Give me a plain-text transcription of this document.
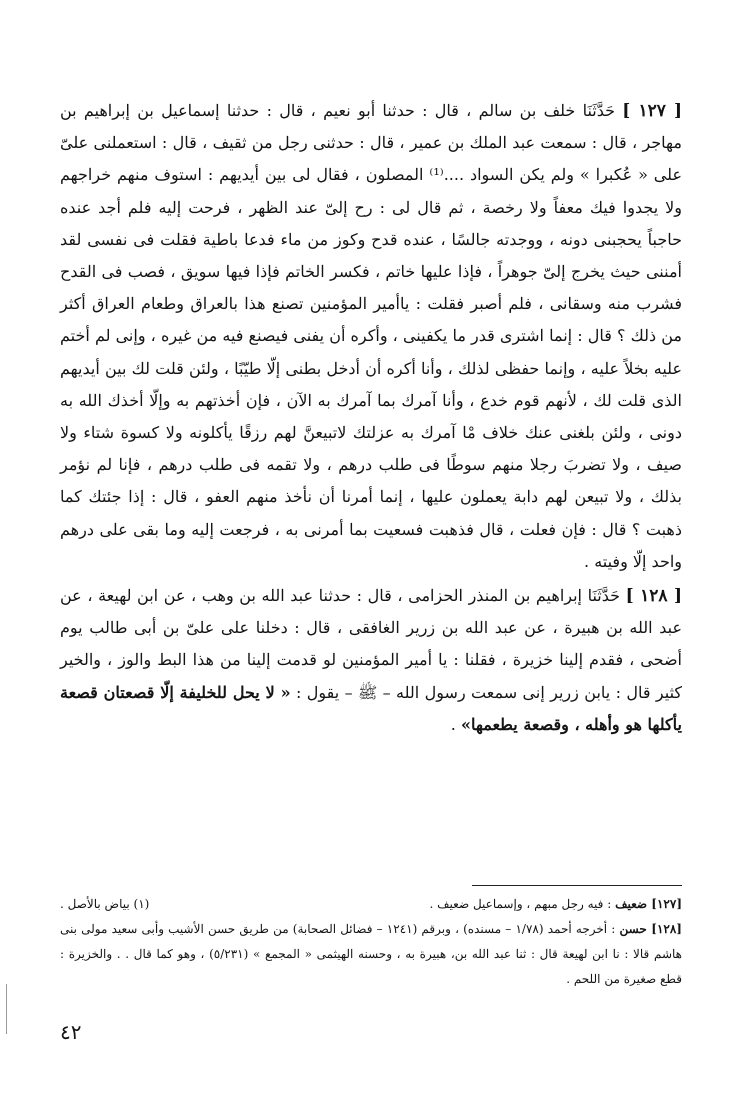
[ ١٢٧ ] حَدَّثَنَا خلف بن سالم ، قال : حدثنا أبو نعيم ، قال : حدثنا إسماعيل بن إبراهيم بن مهاجر ، قال : سمعت عبد الملك بن عمير ، قال : حدثنى رجل من ثقيف ، قال : استعملنى علىّ على « عُكبرا » ولم يكن السواد ....⁽¹⁾ المصلون ، فقال لى بين أيديهم : استوف منهم خراجهم ولا يجدوا فيك معفاً ولا رخصة ، ثم قال لى : رح إلىّ عند الظهر ، فرحت إليه فلم أجد عنده حاجباً يحجبنى دونه ، ووجدته جالسًا ، عنده قدح وكوز من ماء فدعا باطية فقلت فى نفسى لقد أمننى حيث يخرج إلىّ جوهراً ، فإذا عليها خاتم ، فكسر الخاتم فإذا فيها سويق ، فصب فى القدح فشرب منه وسقانى ، فلم أصبر فقلت : ياأمير المؤمنين تصنع هذا بالعراق وطعام العراق أكثر من ذلك ؟ قال : إنما اشترى قدر ما يكفينى ، وأكره أن يفنى فيصنع فيه من غيره ، وإنى لم أختم عليه بخلاً عليه ، وإنما حفظى لذلك ، وأنا أكره أن أدخل بطنى إلّا طيّبًا ، ولئن قلت لك بين أيديهم الذى قلت لك ، لأنهم قوم خدع ، وأنا آمرك بما آمرك به الآن ، فإن أخذتهم به وإلّا أخذك الله به دونى ، ولئن بلغنى عنك خلاف مْا آمرك به عزلتك لاتبيعنَّ لهم رزقًا يأكلونه ولا كسوة شتاء ولا صيف ، ولا تضربَ رجلا منهم سوطًا فى طلب درهم ، ولا تقمه فى طلب درهم ، فإنا لم نؤمر بذلك ، ولا تبيعن لهم دابة يعملون عليها ، إنما أمرنا أن نأخذ منهم العفو ، قال : إذا جئتك كما ذهبت ؟ قال : فإن فعلت ، قال فذهبت فسعيت بما أمرنى به ، فرجعت إليه وما بقى على درهم واحد إلّا وفيته .

[ ١٢٨ ] حَدَّثَنَا إبراهيم بن المنذر الحزامى ، قال : حدثنا عبد الله بن وهب ، عن ابن لهيعة ، عن عبد الله بن هبيرة ، عن عبد الله بن زرير الغافقى ، قال : دخلنا على علىّ بن أبى طالب يوم أضحى ، فقدم إلينا خزيرة ، فقلنا : يا أمير المؤمنين لو قدمت إلينا من هذا البط والوز ، والخير كثير قال : يابن زرير إنى سمعت رسول الله – ﷺ – يقول : « لا يحل للخليفة إلّا قصعتان قصعة يأكلها هو وأهله ، وقصعة يطعمها» .

[١٢٧] ضعيف : فيه رجل مبهم ، وإسماعيل ضعيف .
(١) بياض بالأصل .

[١٢٨] حسن : أخرجه أحمد (١/٧٨ – مسنده) ، وبرقم (١٢٤١ – فضائل الصحابة) من طريق حسن الأشيب وأبى سعيد مولى بنى هاشم قالا : نا ابن لهيعة قال : ثنا عبد الله بن، هبيرة به ، وحسنه الهيثمى « المجمع » (٥/٢٣١) ، وهو كما قال . . والخزيرة : قطع صغيرة من اللحم .

٤٢
